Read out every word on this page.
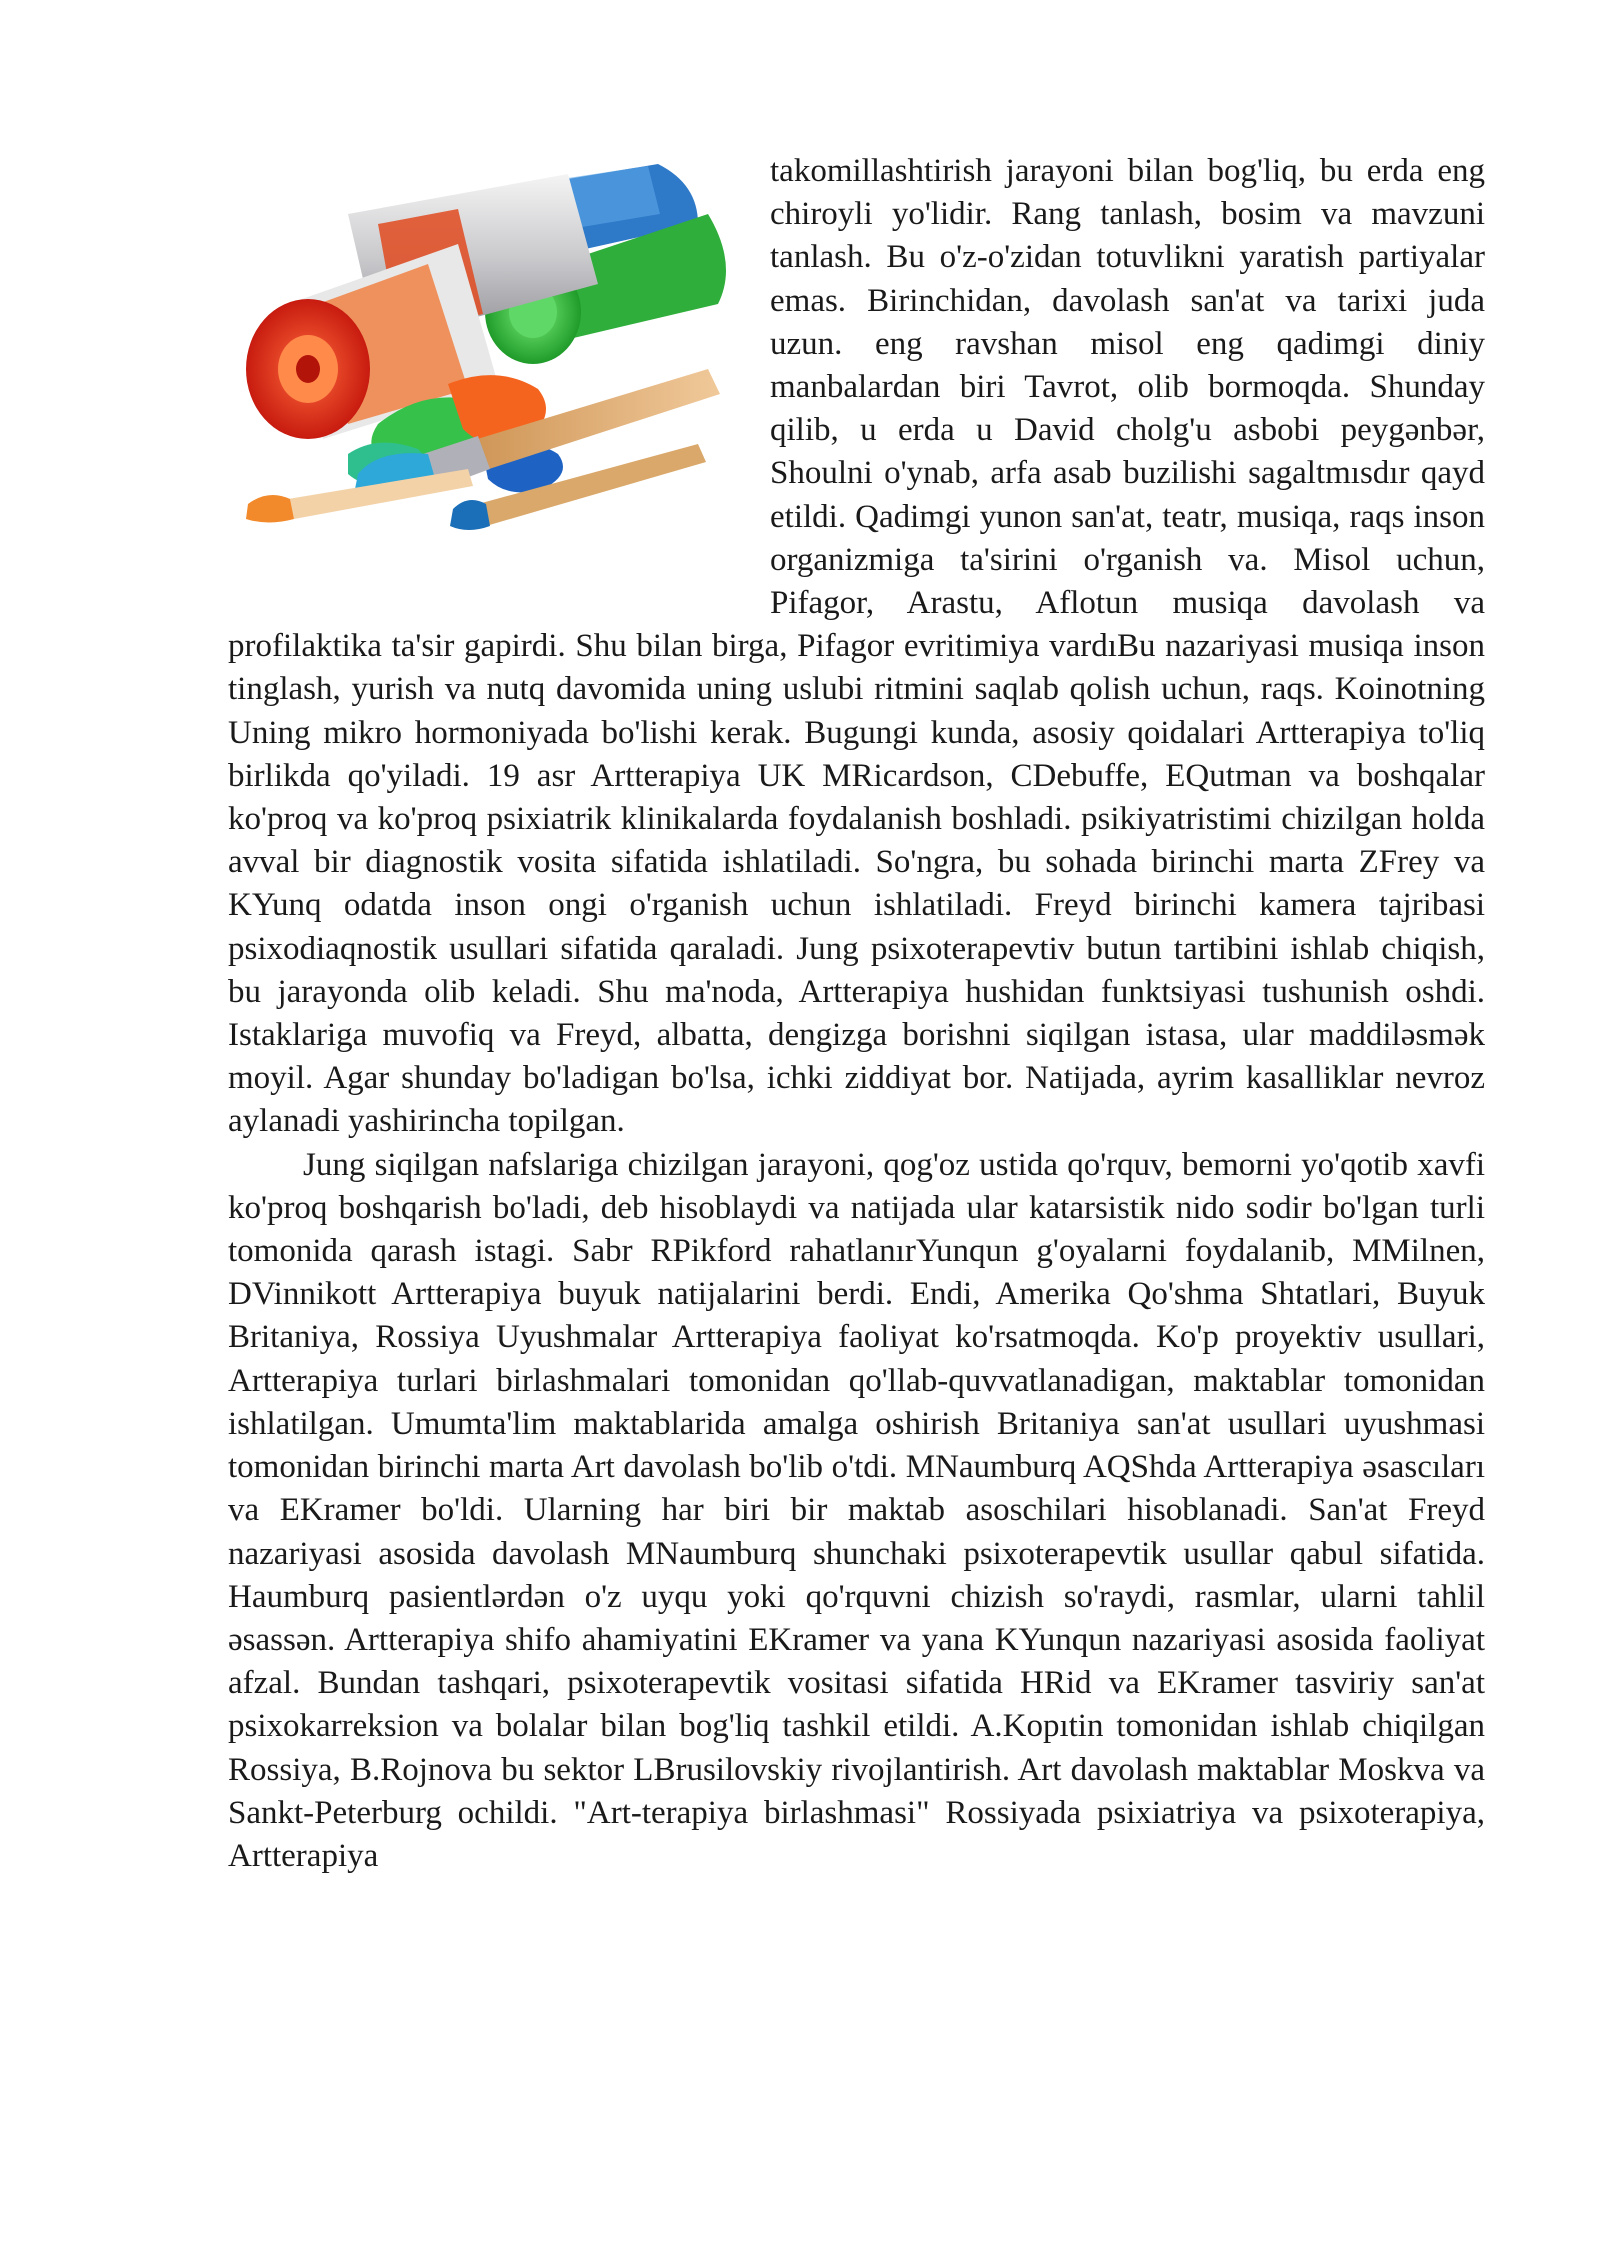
takomillashtirish jarayoni bilan bog'liq, bu erda eng chiroyli yo'lidir. Rang tanlash, bosim va mavzuni tanlash. Bu o'z-o'zidan totuvlikni yaratish partiyalar emas. Birinchidan, davolash san'at va tarixi juda uzun. eng ravshan misol eng qadimgi diniy manbalardan biri Tavrot, olib bormoqda. Shunday qilib, u erda u David cholg'u asbobi peygənbər, Shoulni o'ynab, arfa asab buzilishi sagaltmısdır qayd etildi. Qadimgi yunon san'at, teatr, musiqa, raqs inson organizmiga ta'sirini o'rganish va. Misol uchun, Pifagor, Arastu, Aflotun musiqa davolash va profilaktika ta'sir gapirdi. Shu bilan birga, Pifagor evritimiya vardıBu nazariyasi musiqa inson tinglash, yurish va nutq davomida uning uslubi ritmini saqlab qolish uchun, raqs. Koinotning Uning mikro hormoniyada bo'lishi kerak. Bugungi kunda, asosiy qoidalari Artterapiya to'liq birlikda qo'yiladi. 19 asr Artterapiya UK MRicardson, CDebuffe, EQutman va boshqalar ko'proq va ko'proq psixiatrik klinikalarda foydalanish boshladi. psikiyatristimi chizilgan holda avval bir diagnostik vosita sifatida ishlatiladi. So'ngra, bu sohada birinchi marta ZFrey va KYunq odatda inson ongi o'rganish uchun ishlatiladi. Freyd birinchi kamera tajribasi psixodiaqnostik usullari sifatida qaraladi. Jung psixoterapevtiv butun tartibini ishlab chiqish, bu jarayonda olib keladi. Shu ma'noda, Artterapiya hushidan funktsiyasi tushunish oshdi. Istaklariga muvofiq va Freyd, albatta, dengizga borishni siqilgan istasa, ular maddiləsmək moyil. Agar shunday bo'ladigan bo'lsa, ichki ziddiyat bor. Natijada, ayrim kasalliklar nevroz aylanadi yashirincha topilgan.

Jung siqilgan nafslariga chizilgan jarayoni, qog'oz ustida qo'rquv, bemorni yo'qotib xavfi ko'proq boshqarish bo'ladi, deb hisoblaydi va natijada ular katarsistik nido sodir bo'lgan turli tomonida qarash istagi. Sabr RPikford rahatlanırYunqun g'oyalarni foydalanib, MMilnen, DVinnikott Artterapiya buyuk natijalarini berdi. Endi, Amerika Qo'shma Shtatlari, Buyuk Britaniya, Rossiya Uyushmalar Artterapiya faoliyat ko'rsatmoqda. Ko'p proyektiv usullari, Artterapiya turlari birlashmalari tomonidan qo'llab-quvvatlanadigan, maktablar tomonidan ishlatilgan. Umumta'lim maktablarida amalga oshirish Britaniya san'at usullari uyushmasi tomonidan birinchi marta Art davolash bo'lib o'tdi. MNaumburq AQShda Artterapiya əsascıları va EKramer bo'ldi. Ularning har biri bir maktab asoschilari hisoblanadi. San'at Freyd nazariyasi asosida davolash MNaumburq shunchaki psixoterapevtik usullar qabul sifatida. Haumburq pasientlərdən o'z uyqu yoki qo'rquvni chizish so'raydi, rasmlar, ularni tahlil əsassən. Artterapiya shifo ahamiyatini EKramer va yana KYunqun nazariyasi asosida faoliyat afzal. Bundan tashqari, psixoterapevtik vositasi sifatida HRid va EKramer tasviriy san'at psixokarreksion va bolalar bilan bog'liq tashkil etildi. A.Kopıtin tomonidan ishlab chiqilgan Rossiya, B.Rojnova bu sektor LBrusilovskiy rivojlantirish. Art davolash maktablar Moskva va Sankt-Peterburg ochildi. "Art-terapiya birlashmasi" Rossiyada psixiatriya va psixoterapiya, Artterapiya
